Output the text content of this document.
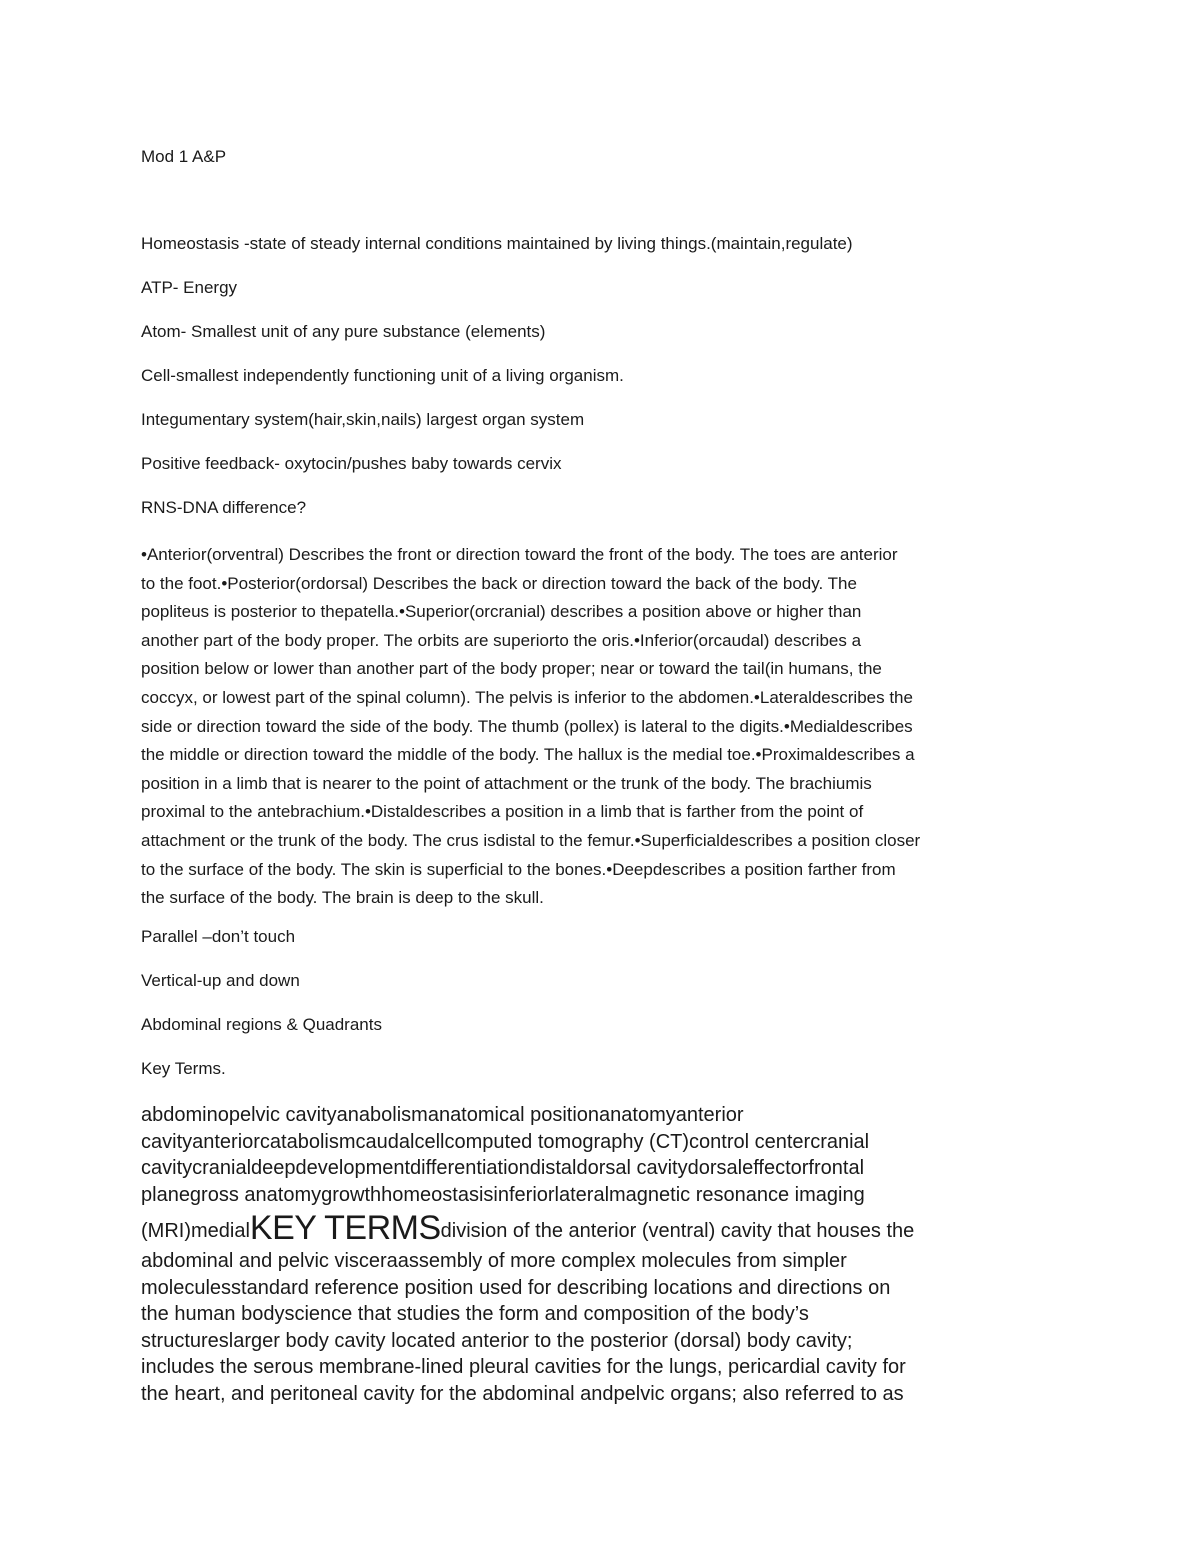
Mod 1 A&P

Homeostasis -state of steady internal conditions maintained by living things.(maintain,regulate)

ATP- Energy

Atom- Smallest unit of any pure substance (elements)

Cell-smallest independently functioning unit of a living organism.

Integumentary system(hair,skin,nails) largest organ system

Positive feedback- oxytocin/pushes baby towards cervix

RNS-DNA difference?

•Anterior(orventral) Describes the front or direction toward the front of the body. The toes are anterior
to the foot.•Posterior(ordorsal) Describes the back or direction toward the back of the body. The
popliteus is posterior to thepatella.•Superior(orcranial) describes a position above or higher than
another part of the body proper. The orbits are superiorto the oris.•Inferior(orcaudal) describes a
position below or lower than another part of the body proper; near or toward the tail(in humans, the
coccyx, or lowest part of the spinal column). The pelvis is inferior to the abdomen.•Lateraldescribes the
side or direction toward the side of the body. The thumb (pollex) is lateral to the digits.•Medialdescribes
the middle or direction toward the middle of the body. The hallux is the medial toe.•Proximaldescribes a
position in a limb that is nearer to the point of attachment or the trunk of the body. The brachiumis
proximal to the antebrachium.•Distaldescribes a position in a limb that is farther from the point of
attachment or the trunk of the body. The crus isdistal to the femur.•Superficialdescribes a position closer
to the surface of the body. The skin is superficial to the bones.•Deepdescribes a position farther from
the surface of the body. The brain is deep to the skull.

Parallel –don’t touch

Vertical-up and down

Abdominal regions & Quadrants

Key Terms.

abdominopelvic cavityanabolismanatomical positionanatomyanterior
cavityanteriorcatabolismcaudalcellcomputed tomography (CT)control centercranial
cavitycranialdeepdevelopmentdifferentiationdistaldorsal cavitydorsaleffectorfrontal
planegross anatomygrowthhomeostasisinferiorlateralmagnetic resonance imaging
(MRI)medialKEY TERMSdivision of the anterior (ventral) cavity that houses the
abdominal and pelvic visceraassembly of more complex molecules from simpler
moleculesstandard reference position used for describing locations and directions on
the human bodyscience that studies the form and composition of the body’s
structureslarger body cavity located anterior to the posterior (dorsal) body cavity;
includes the serous membrane-lined pleural cavities for the lungs, pericardial cavity for
the heart, and peritoneal cavity for the abdominal andpelvic organs; also referred to as
